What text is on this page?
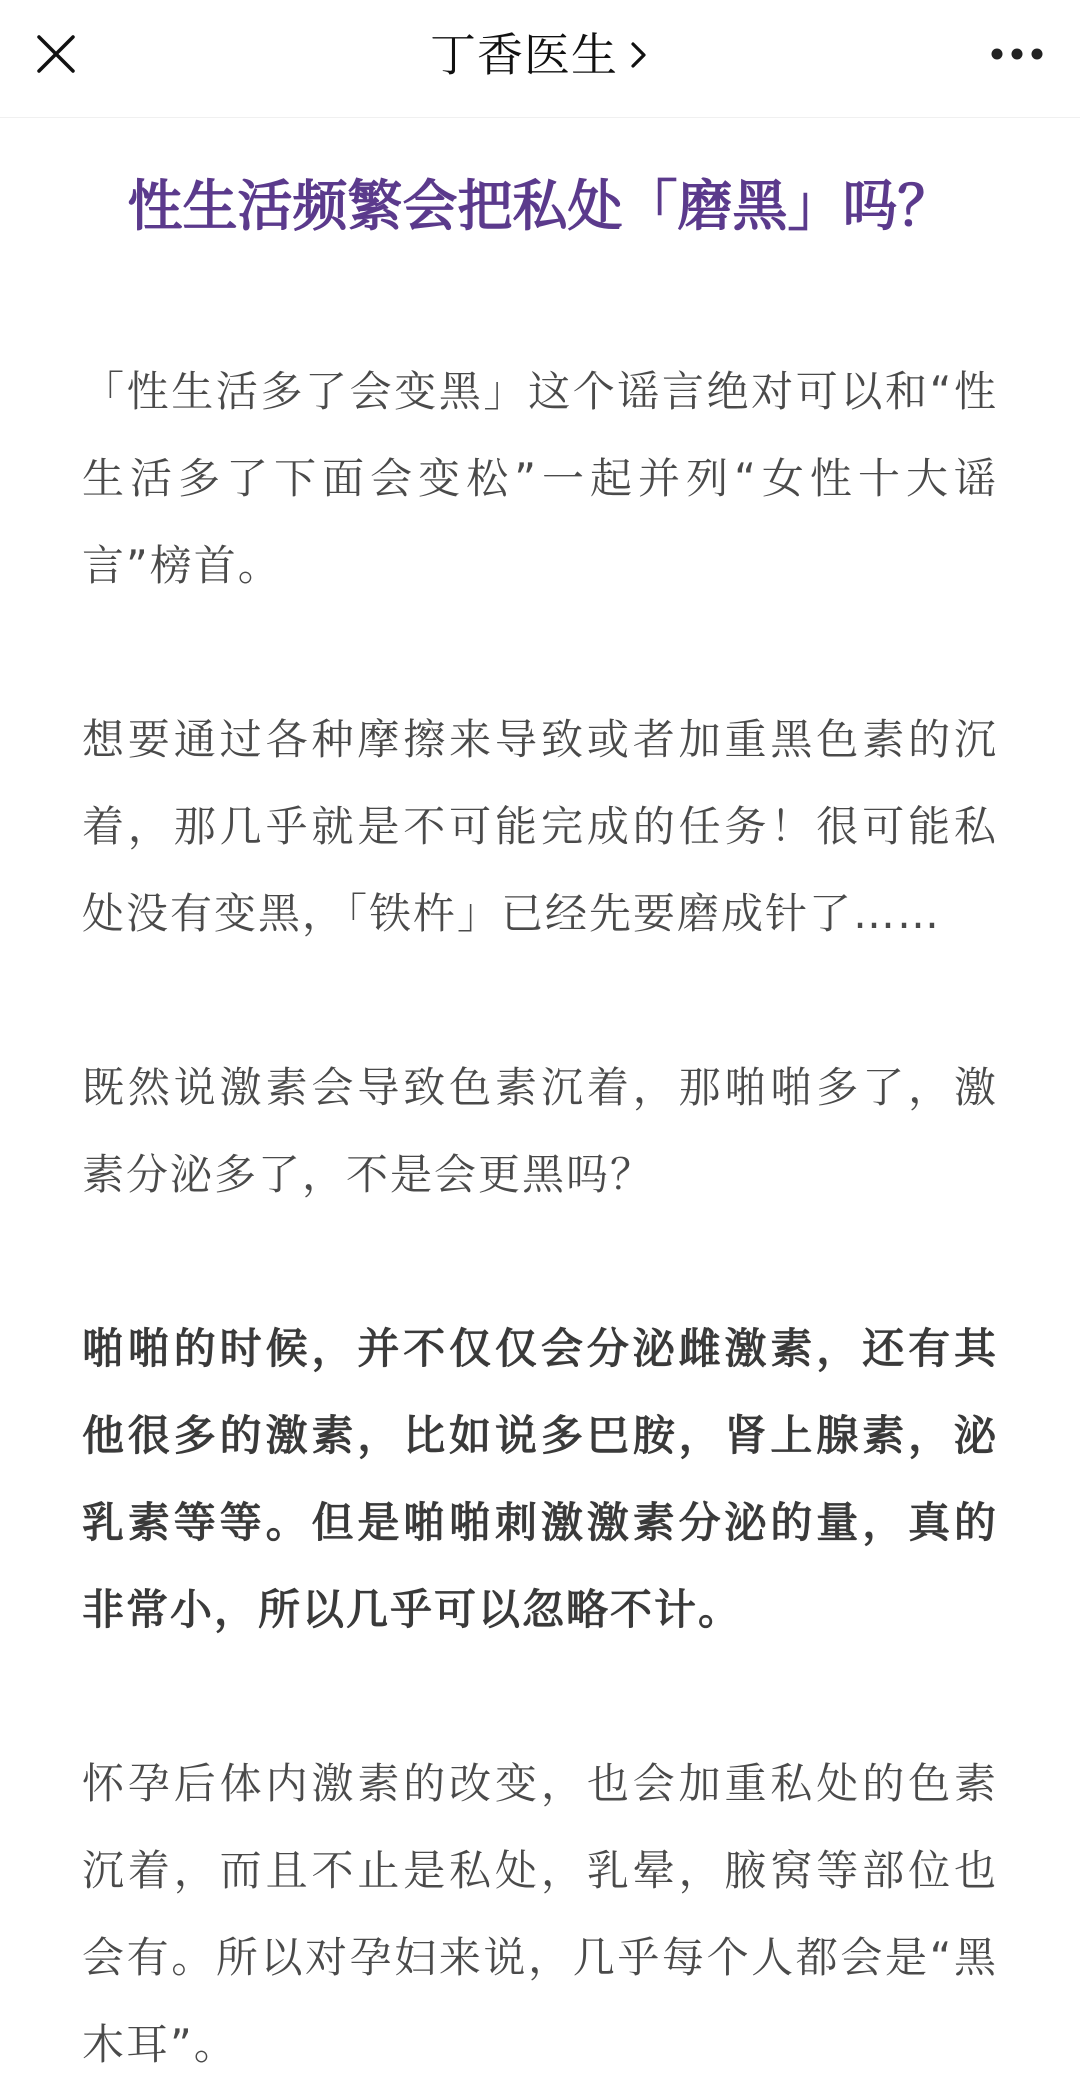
丁香医生
性生活频繁会把私处「磨黑」吗？

「性生活多了会变黑」这个谣言绝对可以和“性生活多了下面会变松”一起并列“女性十大谣言”榜首。

想要通过各种摩擦来导致或者加重黑色素的沉着，那几乎就是不可能完成的任务！很可能私处没有变黑，「铁杵」已经先要磨成针了……

既然说激素会导致色素沉着，那啪啪多了，激素分泌多了，不是会更黑吗？

啪啪的时候，并不仅仅会分泌雌激素，还有其他很多的激素，比如说多巴胺，肾上腺素，泌乳素等等。但是啪啪刺激激素分泌的量，真的非常小，所以几乎可以忽略不计。

怀孕后体内激素的改变，也会加重私处的色素沉着，而且不止是私处，乳晕，腋窝等部位也会有。所以对孕妇来说，几乎每个人都会是“黑木耳”。
